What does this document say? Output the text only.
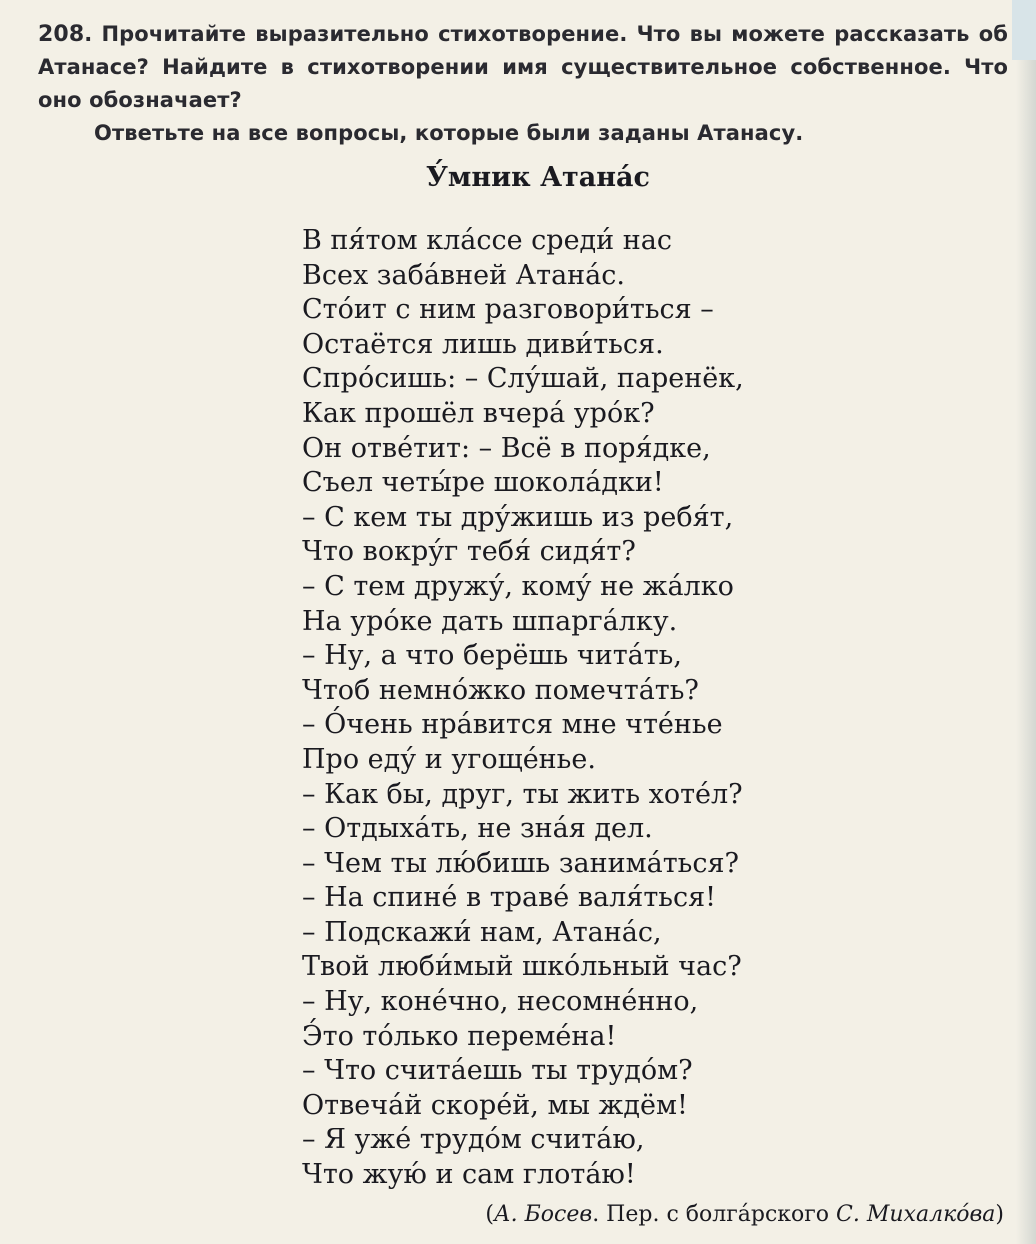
208. Прочитайте выразительно стихотворение. Что вы можете рассказать об Атанасе? Найдите в стихотворении имя существительное собственное. Что оно обозначает?

Ответьте на все вопросы, которые были заданы Атанасу.

У́мник Атана́с
В пя́том кла́ссе среди́ нас
Всех заба́вней Атана́с.
Сто́ит с ним разговори́ться –
Остаётся лишь диви́ться.
Спро́сишь: – Слу́шай, паренёк,
Как прошёл вчера́ уро́к?
Он отве́тит: – Всё в поря́дке,
Съел четы́ре шокола́дки!
– С кем ты дру́жишь из ребя́т,
Что вокру́г тебя́ сидя́т?
– С тем дружу́, кому́ не жа́лко
На уро́ке дать шпарга́лку.
– Ну, а что берёшь чита́ть,
Чтоб немно́жко помечта́ть?
– О́чень нра́вится мне чте́нье
Про еду́ и угоще́нье.
– Как бы, друг, ты жить хоте́л?
– Отдыха́ть, не зна́я дел.
– Чем ты лю́бишь занима́ться?
– На спине́ в траве́ валя́ться!
– Подскажи́ нам, Атана́с,
Твой люби́мый шко́льный час?
– Ну, коне́чно, несомне́нно,
Э́то то́лько переме́на!
– Что счита́ешь ты трудо́м?
Отвеча́й скоре́й, мы ждём!
– Я уже́ трудо́м счита́ю,
Что жую́ и сам глота́ю!
(А. Босев. Пер. с болга́рского С. Михалко́ва)
